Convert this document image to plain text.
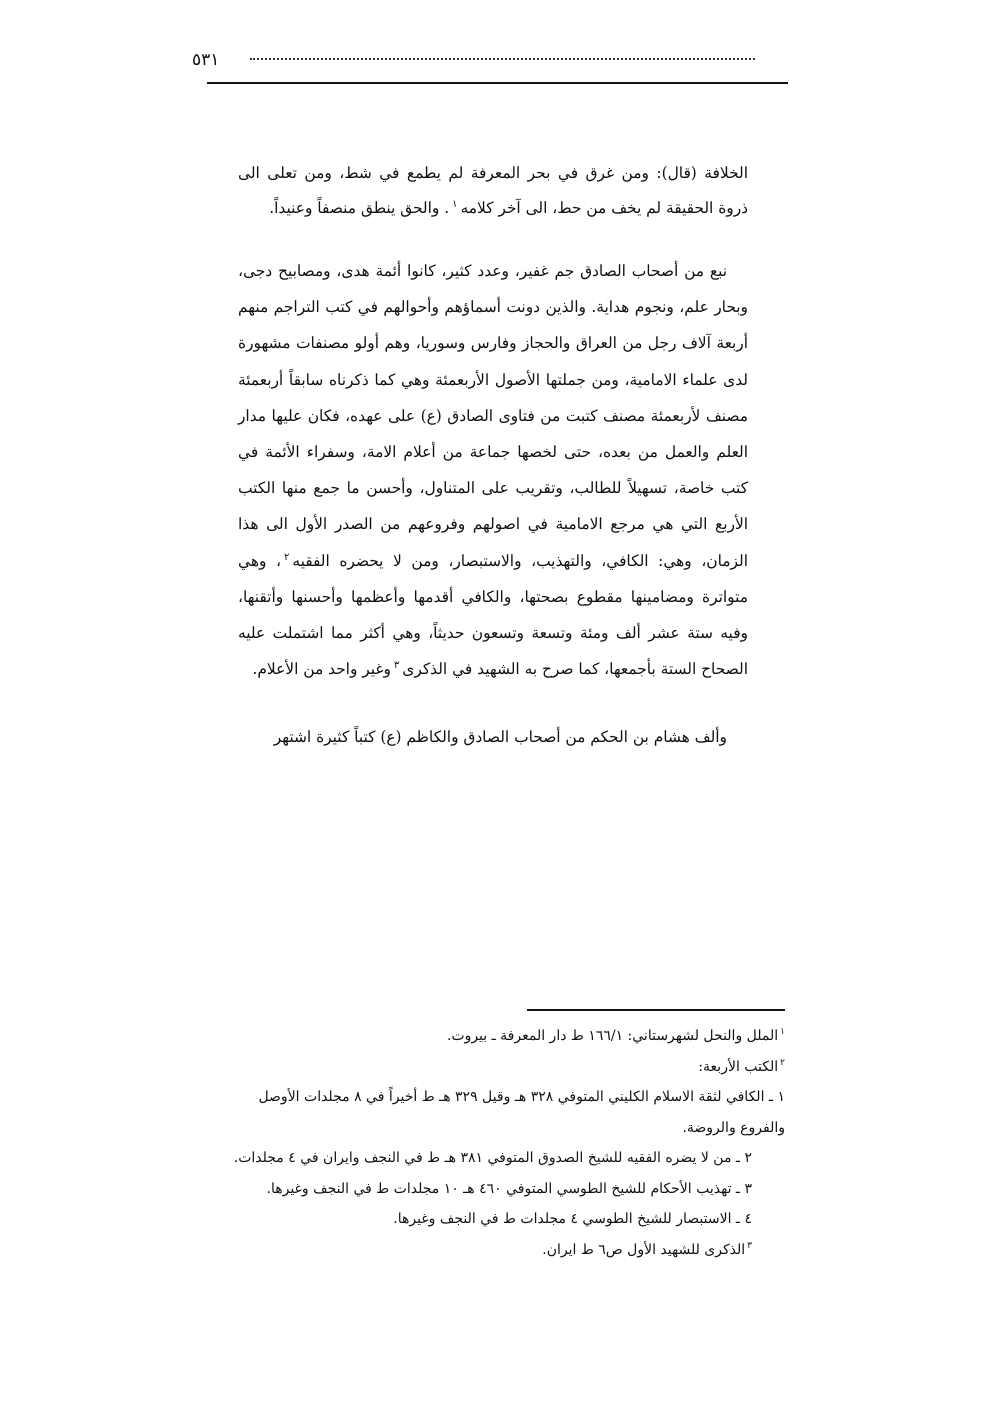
٥٣١

الخلافة (قال): ومن غرق في بحر المعرفة لم يطمع في شط، ومن تعلى الى ذروة الحقيقة لم يخف من حط، الى آخر كلامه$^١$. والحق ينطق منصفاً وعنيداً.

نبع من أصحاب الصادق جم غفير، وعدد كثير، كانوا أئمة هدى، ومصابيح دجى، وبحار علم، ونجوم هداية. والذين دونت أسماؤهم وأحوالهم في كتب التراجم منهم أربعة آلاف رجل من العراق والحجاز وفارس وسوريا، وهم أولو مصنفات مشهورة لدى علماء الامامية، ومن جملتها الأصول الأربعمئة وهي كما ذكرناه سابقاً أربعمئة مصنف لأربعمئة مصنف كتبت من فتاوى الصادق (ع) على عهده، فكان عليها مدار العلم والعمل من بعده، حتى لخصها جماعة من أعلام الامة، وسفراء الأئمة في كتب خاصة، تسهيلاً للطالب، وتقريب على المتناول، وأحسن ما جمع منها الكتب الأربع التي هي مرجع الامامية في اصولهم وفروعهم من الصدر الأول الى هذا الزمان، وهي: الكافي، والتهذيب، والاستبصار، ومن لا يحضره الفقيه$^٢$، وهي متواترة ومضامينها مقطوع بصحتها، والكافي أقدمها وأعظمها وأحسنها وأتقنها، وفيه ستة عشر ألف ومئة وتسعة وتسعون حديثاً، وهي أكثر مما اشتملت عليه الصحاح الستة بأجمعها، كما صرح به الشهيد في الذكرى$^٣$وغير واحد من الأعلام.

وألف هشام بن الحكم من أصحاب الصادق والكاظم (ع) كتباً كثيرة اشتهر

$^١$الملل والنحل لشهرستاني: ١٦٦/١ ط دار المعرفة ـ بيروت.

$^٢$الكتب الأربعة:

١ ـ الكافي لثقة الاسلام الكليني المتوفي ٣٢٨ هـ وقيل ٣٢٩ هـ ط أخيراً في ٨ مجلدات الأوصل

والفروع والروضة.

٢ ـ من لا يضره الفقيه للشيخ الصدوق المتوفي ٣٨١ هـ ط في النجف وايران في ٤ مجلدات.

٣ ـ تهذيب الأحكام للشيخ الطوسي المتوفي ٤٦٠ هـ ١٠ مجلدات ط في النجف وغيرها.

٤ ـ الاستبصار للشيخ الطوسي ٤ مجلدات ط في النجف وغيرها.

$^٣$الذكرى للشهيد الأول ص٦ ط ايران.
